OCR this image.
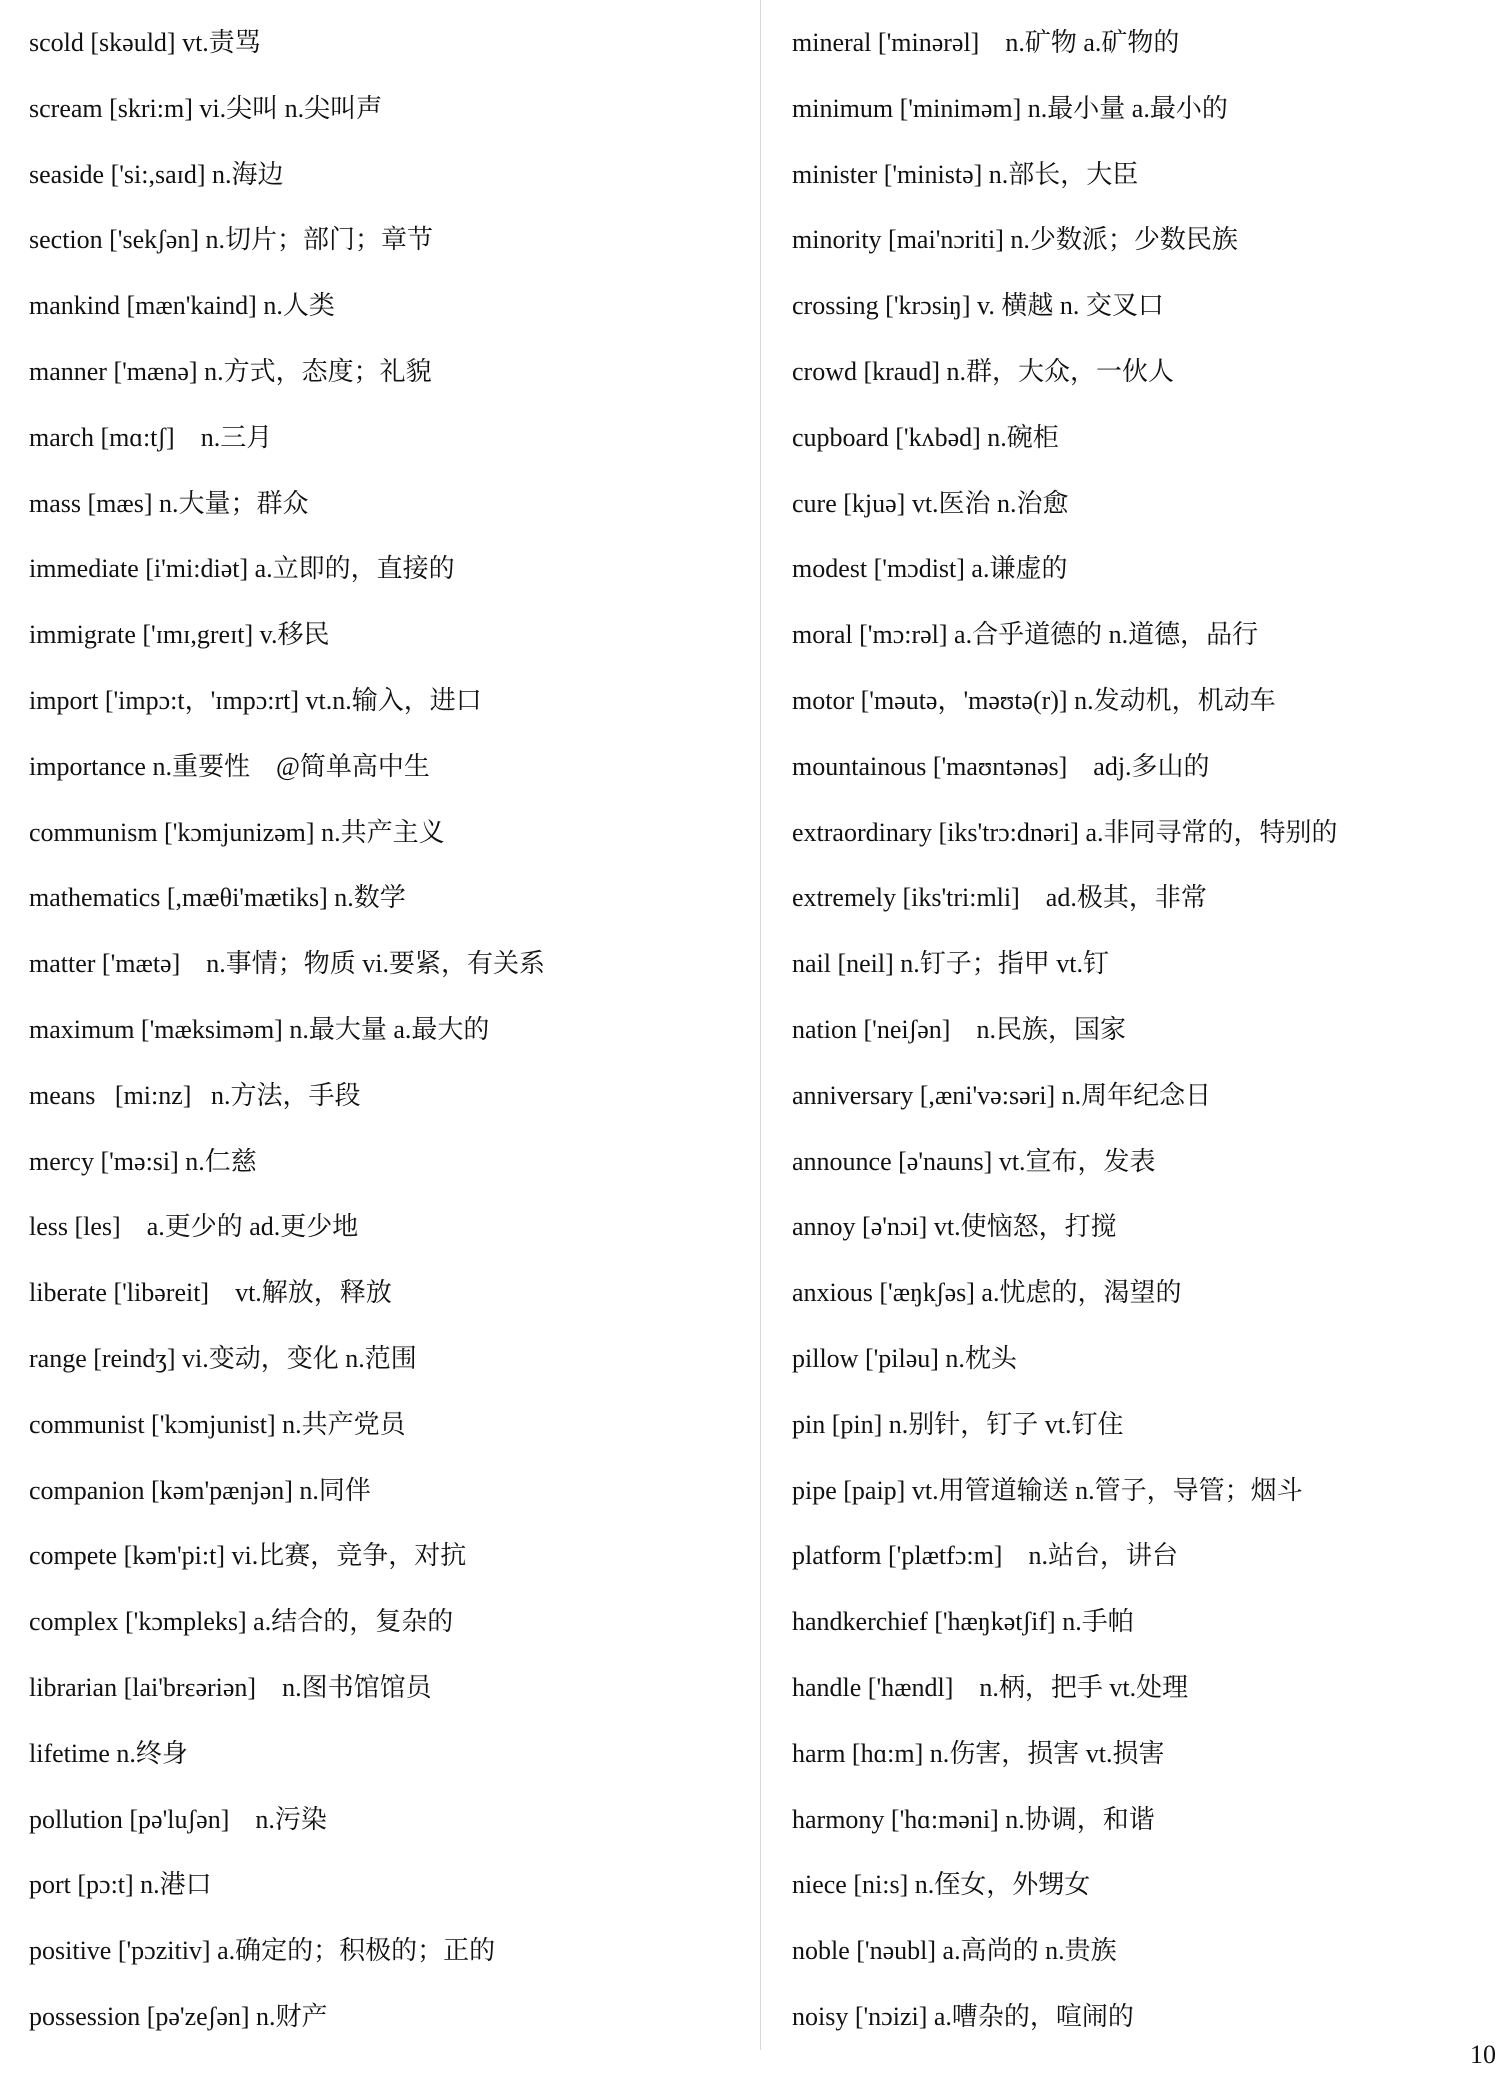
scold [skəuld] vt.责骂
scream [skri:m] vi.尖叫 n.尖叫声
seaside ['si:,saɪd] n.海边
section ['sekʃən] n.切片；部门；章节
mankind [mæn'kaind] n.人类
manner ['mænə] n.方式，态度；礼貌
march [mɑ:tʃ]    n.三月
mass [mæs] n.大量；群众
immediate [i'mi:diət] a.立即的，直接的
immigrate ['ɪmɪ,greɪt] v.移民
import ['impɔ:t，'ɪmpɔ:rt] vt.n.输入，进口
importance n.重要性    @简单高中生
communism ['kɔmjunizəm] n.共产主义
mathematics [,mæθi'mætiks] n.数学
matter ['mætə]    n.事情；物质 vi.要紧，有关系
maximum ['mæksiməm] n.最大量 a.最大的
means   [mi:nz]   n.方法，手段
mercy ['mə:si] n.仁慈
less [les]    a.更少的 ad.更少地
liberate ['libəreit]    vt.解放，释放
range [reindʒ] vi.变动，变化 n.范围
communist ['kɔmjunist] n.共产党员
companion [kəm'pænjən] n.同伴
compete [kəm'pi:t] vi.比赛，竞争，对抗
complex ['kɔmpleks] a.结合的，复杂的
librarian [lai'brεəriən]    n.图书馆馆员
lifetime n.终身
pollution [pə'luʃən]    n.污染
port [pɔ:t] n.港口
positive ['pɔzitiv] a.确定的；积极的；正的
possession [pə'zeʃən] n.财产
mineral ['minərəl]    n.矿物 a.矿物的
minimum ['miniməm] n.最小量 a.最小的
minister ['ministə] n.部长，大臣
minority [mai'nɔriti] n.少数派；少数民族
crossing ['krɔsiŋ] v. 横越 n. 交叉口
crowd [kraud] n.群，大众，一伙人
cupboard ['kʌbəd] n.碗柜
cure [kjuə] vt.医治 n.治愈
modest ['mɔdist] a.谦虚的
moral ['mɔ:rəl] a.合乎道德的 n.道德，品行
motor ['məutə，'məʊtə(r)] n.发动机，机动车
mountainous ['maʊntənəs]    adj.多山的
extraordinary [iks'trɔ:dnəri] a.非同寻常的，特别的
extremely [iks'tri:mli]    ad.极其，非常
nail [neil] n.钉子；指甲 vt.钉
nation ['neiʃən]    n.民族，国家
anniversary [,æni'və:səri] n.周年纪念日
announce [ə'nauns] vt.宣布，发表
annoy [ə'nɔi] vt.使恼怒，打搅
anxious ['æŋkʃəs] a.忧虑的，渴望的
pillow ['piləu] n.枕头
pin [pin] n.别针，钉子 vt.钉住
pipe [paip] vt.用管道输送 n.管子，导管；烟斗
platform ['plætfɔ:m]    n.站台，讲台
handkerchief ['hæŋkətʃif] n.手帕
handle ['hændl]    n.柄，把手 vt.处理
harm [hɑ:m] n.伤害，损害 vt.损害
harmony ['hɑ:məni] n.协调，和谐
niece [ni:s] n.侄女，外甥女
noble ['nəubl] a.高尚的 n.贵族
noisy ['nɔizi] a.嘈杂的，喧闹的
10
